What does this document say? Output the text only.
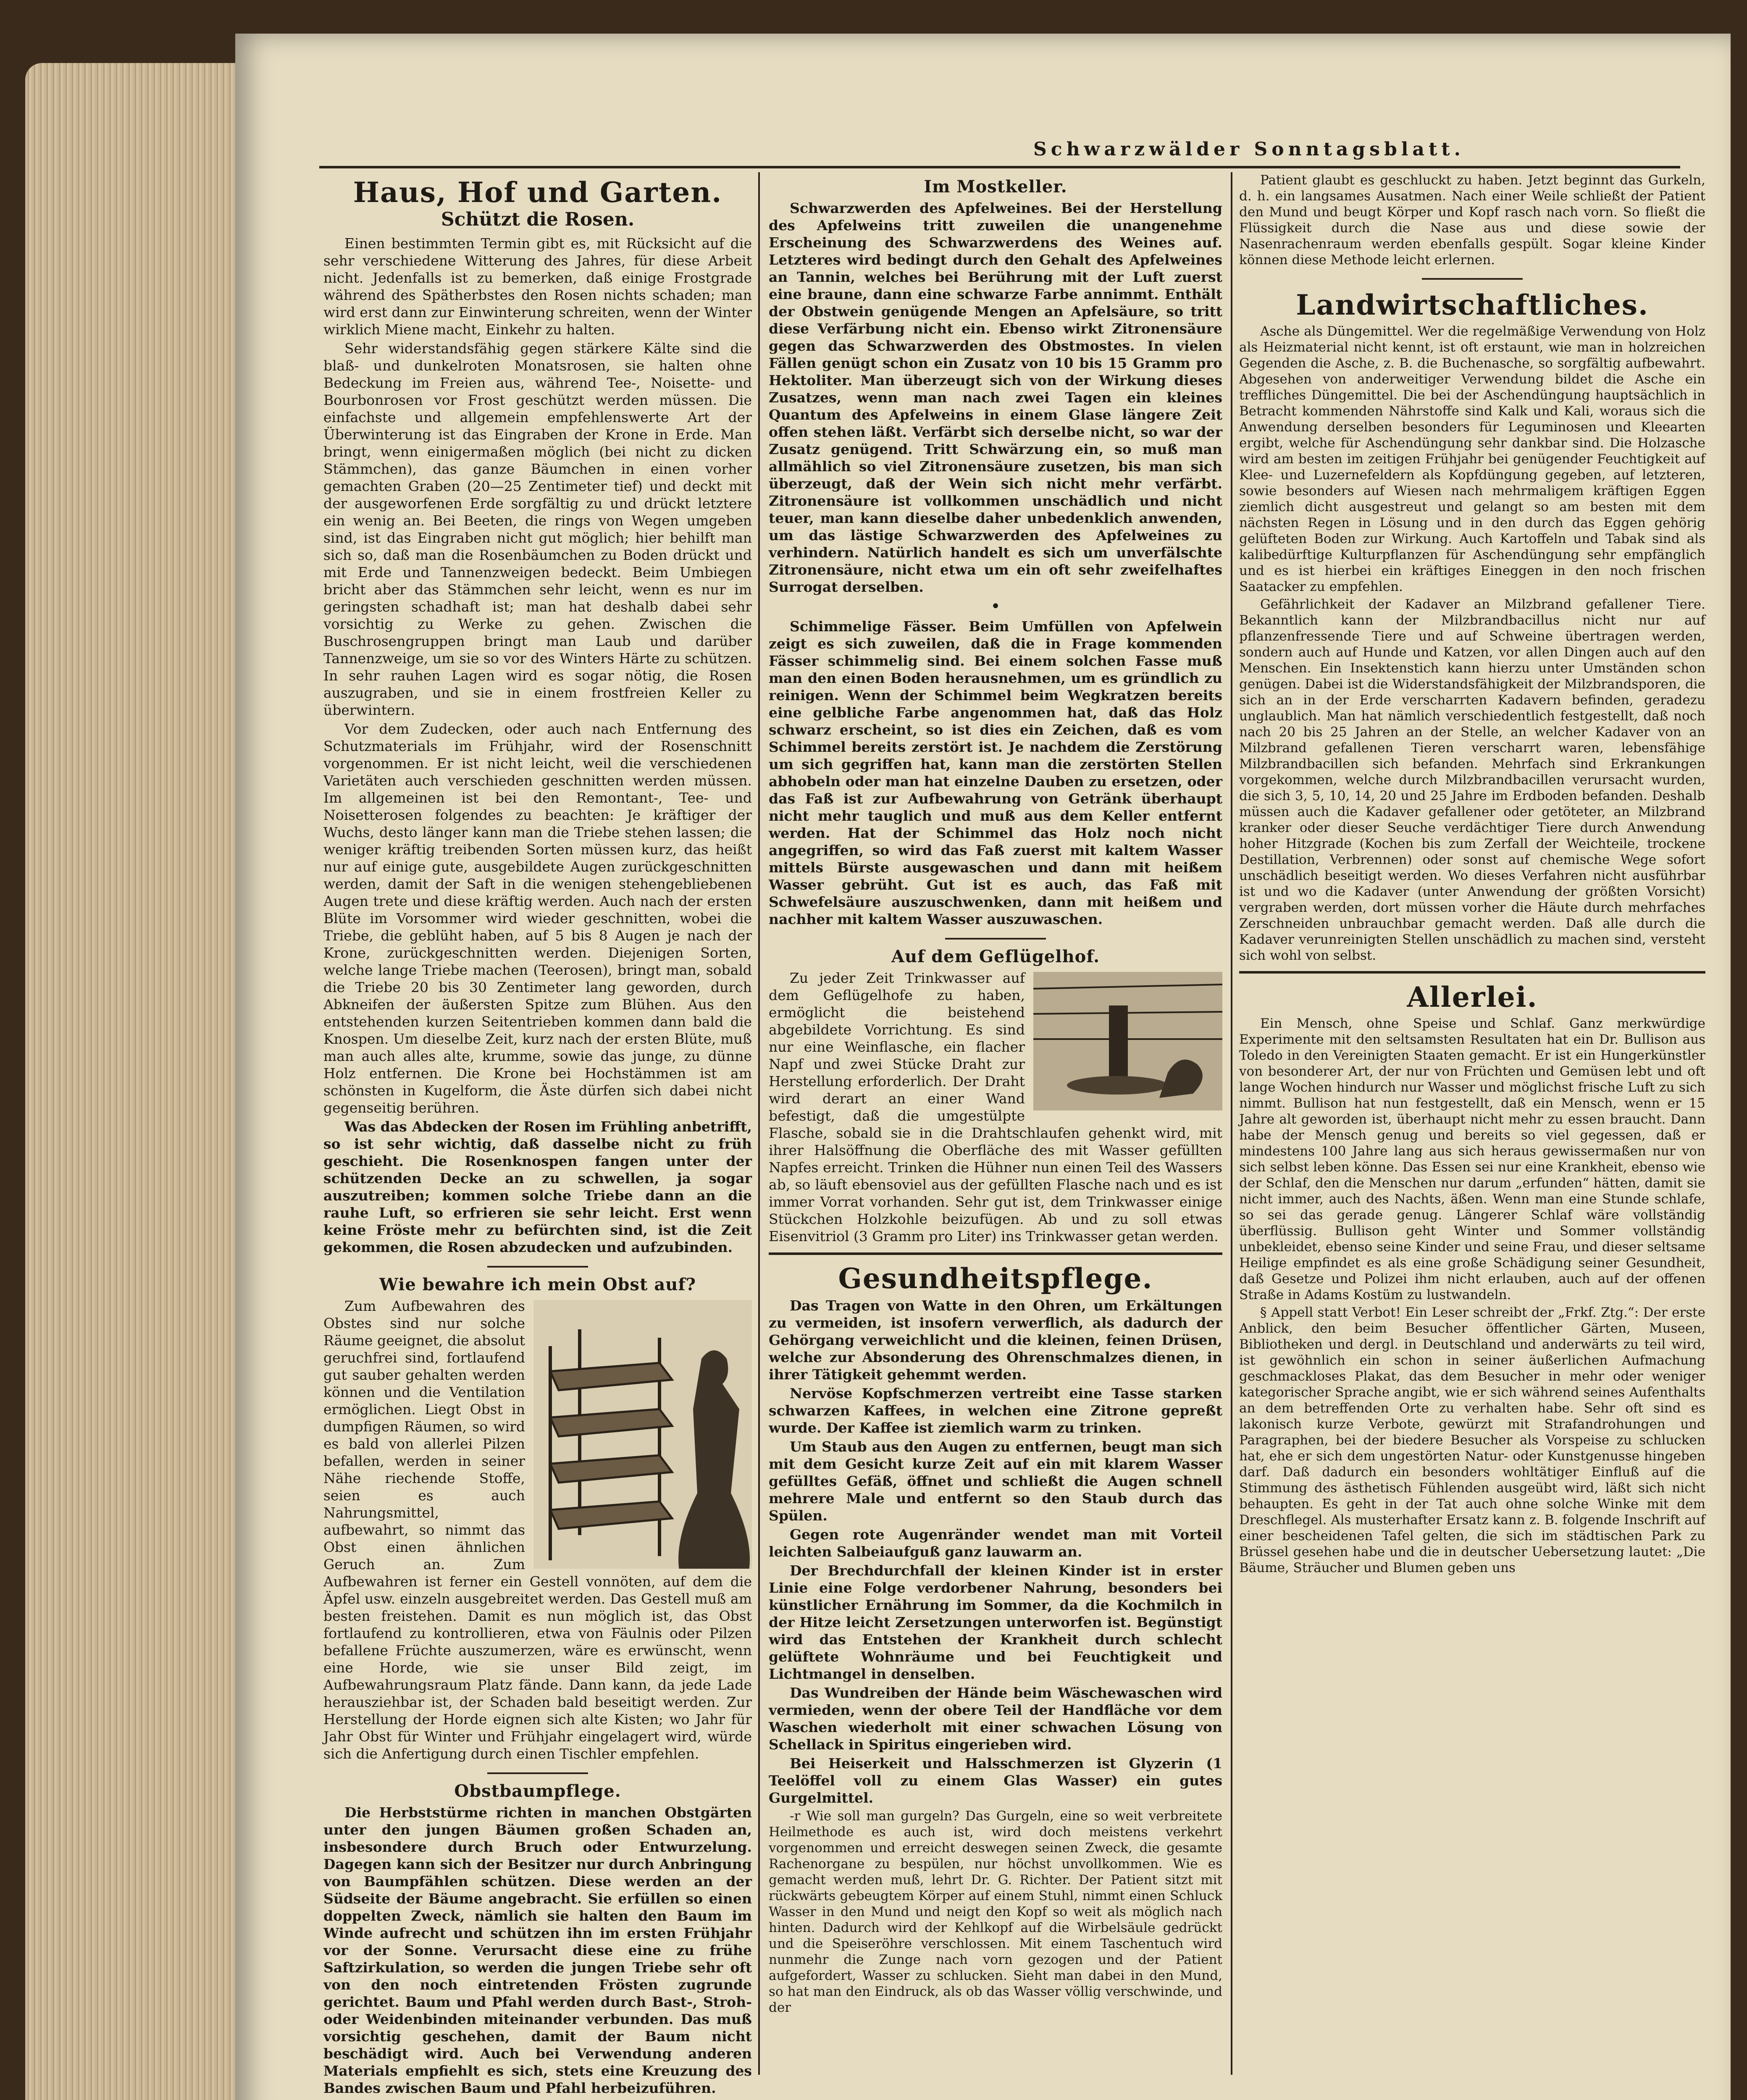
Schwarzwälder Sonntagsblatt.
Haus, Hof und Garten.
Schützt die Rosen.

Einen bestimmten Termin gibt es, mit Rücksicht auf die sehr verschiedene Witterung des Jahres, für diese Arbeit nicht. Jedenfalls ist zu bemerken, daß einige Frostgrade während des Spätherbstes den Rosen nichts schaden; man wird erst dann zur Einwinterung schreiten, wenn der Winter wirklich Miene macht, Einkehr zu halten.

Sehr widerstandsfähig gegen stärkere Kälte sind die blaß- und dunkelroten Monatsrosen, sie halten ohne Bedeckung im Freien aus, während Tee-, Noisette- und Bourbonrosen vor Frost geschützt werden müssen. Die einfachste und allgemein empfehlenswerte Art der Überwinterung ist das Eingraben der Krone in Erde. Man bringt, wenn einigermaßen möglich (bei nicht zu dicken Stämmchen), das ganze Bäumchen in einen vorher gemachten Graben (20—25 Zentimeter tief) und deckt mit der ausgeworfenen Erde sorgfältig zu und drückt letztere ein wenig an. Bei Beeten, die rings von Wegen umgeben sind, ist das Eingraben nicht gut möglich; hier behilft man sich so, daß man die Rosenbäumchen zu Boden drückt und mit Erde und Tannenzweigen bedeckt. Beim Umbiegen bricht aber das Stämmchen sehr leicht, wenn es nur im geringsten schadhaft ist; man hat deshalb dabei sehr vorsichtig zu Werke zu gehen. Zwischen die Buschrosengruppen bringt man Laub und darüber Tannenzweige, um sie so vor des Winters Härte zu schützen. In sehr rauhen Lagen wird es sogar nötig, die Rosen auszugraben, und sie in einem frostfreien Keller zu überwintern.

Vor dem Zudecken, oder auch nach Entfernung des Schutzmaterials im Frühjahr, wird der Rosenschnitt vorgenommen. Er ist nicht leicht, weil die verschiedenen Varietäten auch verschieden geschnitten werden müssen. Im allgemeinen ist bei den Remontant-, Tee- und Noisetterosen folgendes zu beachten: Je kräftiger der Wuchs, desto länger kann man die Triebe stehen lassen; die weniger kräftig treibenden Sorten müssen kurz, das heißt nur auf einige gute, ausgebildete Augen zurückgeschnitten werden, damit der Saft in die wenigen stehengebliebenen Augen trete und diese kräftig werden. Auch nach der ersten Blüte im Vorsommer wird wieder geschnitten, wobei die Triebe, die geblüht haben, auf 5 bis 8 Augen je nach der Krone, zurückgeschnitten werden. Diejenigen Sorten, welche lange Triebe machen (Teerosen), bringt man, sobald die Triebe 20 bis 30 Zentimeter lang geworden, durch Abkneifen der äußersten Spitze zum Blühen. Aus den entstehenden kurzen Seitentrieben kommen dann bald die Knospen. Um dieselbe Zeit, kurz nach der ersten Blüte, muß man auch alles alte, krumme, sowie das junge, zu dünne Holz entfernen. Die Krone bei Hochstämmen ist am schönsten in Kugelform, die Äste dürfen sich dabei nicht gegenseitig berühren.

Was das Abdecken der Rosen im Frühling anbetrifft, so ist sehr wichtig, daß dasselbe nicht zu früh geschieht. Die Rosenknospen fangen unter der schützenden Decke an zu schwellen, ja sogar auszutreiben; kommen solche Triebe dann an die rauhe Luft, so erfrieren sie sehr leicht. Erst wenn keine Fröste mehr zu befürchten sind, ist die Zeit gekommen, die Rosen abzudecken und aufzubinden.

Wie bewahre ich mein Obst auf?

Zum Aufbewahren des Obstes sind nur solche Räume geeignet, die absolut geruchfrei sind, fortlaufend gut sauber gehalten werden können und die Ventilation ermöglichen. Liegt Obst in dumpfigen Räumen, so wird es bald von allerlei Pilzen befallen, werden in seiner Nähe riechende Stoffe, seien es auch Nahrungsmittel, aufbewahrt, so nimmt das Obst einen ähnlichen Geruch an. Zum Aufbewahren ist ferner ein Gestell vonnöten, auf dem die Äpfel usw. einzeln ausgebreitet werden. Das Gestell muß am besten freistehen. Damit es nun möglich ist, das Obst fortlaufend zu kontrollieren, etwa von Fäulnis oder Pilzen befallene Früchte auszumerzen, wäre es erwünscht, wenn eine Horde, wie sie unser Bild zeigt, im Aufbewahrungsraum Platz fände. Dann kann, da jede Lade herausziehbar ist, der Schaden bald beseitigt werden. Zur Herstellung der Horde eignen sich alte Kisten; wo Jahr für Jahr Obst für Winter und Frühjahr eingelagert wird, würde sich die Anfertigung durch einen Tischler empfehlen.

Obstbaumpflege.

Die Herbststürme richten in manchen Obstgärten unter den jungen Bäumen großen Schaden an, insbesondere durch Bruch oder Entwurzelung. Dagegen kann sich der Besitzer nur durch Anbringung von Baumpfählen schützen. Diese werden an der Südseite der Bäume angebracht. Sie erfüllen so einen doppelten Zweck, nämlich sie halten den Baum im Winde aufrecht und schützen ihn im ersten Frühjahr vor der Sonne. Verursacht diese eine zu frühe Saftzirkulation, so werden die jungen Triebe sehr oft von den noch eintretenden Frösten zugrunde gerichtet. Baum und Pfahl werden durch Bast-, Stroh- oder Weidenbinden miteinander verbunden. Das muß vorsichtig geschehen, damit der Baum nicht beschädigt wird. Auch bei Verwendung anderen Materials empfiehlt es sich, stets eine Kreuzung des Bandes zwischen Baum und Pfahl herbeizuführen.

Im Mostkeller.

Schwarzwerden des Apfelweines. Bei der Herstellung des Apfelweins tritt zuweilen die unangenehme Erscheinung des Schwarzwerdens des Weines auf. Letzteres wird bedingt durch den Gehalt des Apfelweines an Tannin, welches bei Berührung mit der Luft zuerst eine braune, dann eine schwarze Farbe annimmt. Enthält der Obstwein genügende Mengen an Apfelsäure, so tritt diese Verfärbung nicht ein. Ebenso wirkt Zitronensäure gegen das Schwarzwerden des Obstmostes. In vielen Fällen genügt schon ein Zusatz von 10 bis 15 Gramm pro Hektoliter. Man überzeugt sich von der Wirkung dieses Zusatzes, wenn man nach zwei Tagen ein kleines Quantum des Apfelweins in einem Glase längere Zeit offen stehen läßt. Verfärbt sich derselbe nicht, so war der Zusatz genügend. Tritt Schwärzung ein, so muß man allmählich so viel Zitronensäure zusetzen, bis man sich überzeugt, daß der Wein sich nicht mehr verfärbt. Zitronensäure ist vollkommen unschädlich und nicht teuer, man kann dieselbe daher unbedenklich anwenden, um das lästige Schwarzwerden des Apfelweines zu verhindern. Natürlich handelt es sich um unverfälschte Zitronensäure, nicht etwa um ein oft sehr zweifelhaftes Surrogat derselben.

•

Schimmelige Fässer. Beim Umfüllen von Apfelwein zeigt es sich zuweilen, daß die in Frage kommenden Fässer schimmelig sind. Bei einem solchen Fasse muß man den einen Boden herausnehmen, um es gründlich zu reinigen. Wenn der Schimmel beim Wegkratzen bereits eine gelbliche Farbe angenommen hat, daß das Holz schwarz erscheint, so ist dies ein Zeichen, daß es vom Schimmel bereits zerstört ist. Je nachdem die Zerstörung um sich gegriffen hat, kann man die zerstörten Stellen abhobeln oder man hat einzelne Dauben zu ersetzen, oder das Faß ist zur Aufbewahrung von Getränk überhaupt nicht mehr tauglich und muß aus dem Keller entfernt werden. Hat der Schimmel das Holz noch nicht angegriffen, so wird das Faß zuerst mit kaltem Wasser mittels Bürste ausgewaschen und dann mit heißem Wasser gebrüht. Gut ist es auch, das Faß mit Schwefelsäure auszuschwenken, dann mit heißem und nachher mit kaltem Wasser auszuwaschen.

Auf dem Geflügelhof.

Zu jeder Zeit Trinkwasser auf dem Geflügelhofe zu haben, ermöglicht die beistehend abgebildete Vorrichtung. Es sind nur eine Weinflasche, ein flacher Napf und zwei Stücke Draht zur Herstellung erforderlich. Der Draht wird derart an einer Wand befestigt, daß die umgestülpte Flasche, sobald sie in die Drahtschlaufen gehenkt wird, mit ihrer Halsöffnung die Oberfläche des mit Wasser gefüllten Napfes erreicht. Trinken die Hühner nun einen Teil des Wassers ab, so läuft ebensoviel aus der gefüllten Flasche nach und es ist immer Vorrat vorhanden. Sehr gut ist, dem Trinkwasser einige Stückchen Holzkohle beizufügen. Ab und zu soll etwas Eisenvitriol (3 Gramm pro Liter) ins Trinkwasser getan werden.

Gesundheitspflege.

Das Tragen von Watte in den Ohren, um Erkältungen zu vermeiden, ist insofern verwerflich, als dadurch der Gehörgang verweichlicht und die kleinen, feinen Drüsen, welche zur Absonderung des Ohrenschmalzes dienen, in ihrer Tätigkeit gehemmt werden.

Nervöse Kopfschmerzen vertreibt eine Tasse starken schwarzen Kaffees, in welchen eine Zitrone gepreßt wurde. Der Kaffee ist ziemlich warm zu trinken.

Um Staub aus den Augen zu entfernen, beugt man sich mit dem Gesicht kurze Zeit auf ein mit klarem Wasser gefülltes Gefäß, öffnet und schließt die Augen schnell mehrere Male und entfernt so den Staub durch das Spülen.

Gegen rote Augenränder wendet man mit Vorteil leichten Salbeiaufguß ganz lauwarm an.

Der Brechdurchfall der kleinen Kinder ist in erster Linie eine Folge verdorbener Nahrung, besonders bei künstlicher Ernährung im Sommer, da die Kochmilch in der Hitze leicht Zersetzungen unterworfen ist. Begünstigt wird das Entstehen der Krankheit durch schlecht gelüftete Wohnräume und bei Feuchtigkeit und Lichtmangel in denselben.

Das Wundreiben der Hände beim Wäschewaschen wird vermieden, wenn der obere Teil der Handfläche vor dem Waschen wiederholt mit einer schwachen Lösung von Schellack in Spiritus eingerieben wird.

Bei Heiserkeit und Halsschmerzen ist Glyzerin (1 Teelöffel voll zu einem Glas Wasser) ein gutes Gurgelmittel.

-r Wie soll man gurgeln? Das Gurgeln, eine so weit verbreitete Heilmethode es auch ist, wird doch meistens verkehrt vorgenommen und erreicht deswegen seinen Zweck, die gesamte Rachenorgane zu bespülen, nur höchst unvollkommen. Wie es gemacht werden muß, lehrt Dr. G. Richter. Der Patient sitzt mit rückwärts gebeugtem Körper auf einem Stuhl, nimmt einen Schluck Wasser in den Mund und neigt den Kopf so weit als möglich nach hinten. Dadurch wird der Kehlkopf auf die Wirbelsäule gedrückt und die Speiseröhre verschlossen. Mit einem Taschentuch wird nunmehr die Zunge nach vorn gezogen und der Patient aufgefordert, Wasser zu schlucken. Sieht man dabei in den Mund, so hat man den Eindruck, als ob das Wasser völlig verschwinde, und der

Patient glaubt es geschluckt zu haben. Jetzt beginnt das Gurkeln, d. h. ein langsames Ausatmen. Nach einer Weile schließt der Patient den Mund und beugt Körper und Kopf rasch nach vorn. So fließt die Flüssigkeit durch die Nase aus und diese sowie der Nasenrachenraum werden ebenfalls gespült. Sogar kleine Kinder können diese Methode leicht erlernen.

Landwirtschaftliches.

Asche als Düngemittel. Wer die regelmäßige Verwendung von Holz als Heizmaterial nicht kennt, ist oft erstaunt, wie man in holzreichen Gegenden die Asche, z. B. die Buchenasche, so sorgfältig aufbewahrt. Abgesehen von anderweitiger Verwendung bildet die Asche ein treffliches Düngemittel. Die bei der Aschendüngung hauptsächlich in Betracht kommenden Nährstoffe sind Kalk und Kali, woraus sich die Anwendung derselben besonders für Leguminosen und Kleearten ergibt, welche für Aschendüngung sehr dankbar sind. Die Holzasche wird am besten im zeitigen Frühjahr bei genügender Feuchtigkeit auf Klee- und Luzernefeldern als Kopfdüngung gegeben, auf letzteren, sowie besonders auf Wiesen nach mehrmaligem kräftigen Eggen ziemlich dicht ausgestreut und gelangt so am besten mit dem nächsten Regen in Lösung und in den durch das Eggen gehörig gelüfteten Boden zur Wirkung. Auch Kartoffeln und Tabak sind als kalibedürftige Kulturpflanzen für Aschendüngung sehr empfänglich und es ist hierbei ein kräftiges Eineggen in den noch frischen Saatacker zu empfehlen.

Gefährlichkeit der Kadaver an Milzbrand gefallener Tiere. Bekanntlich kann der Milzbrandbacillus nicht nur auf pflanzenfressende Tiere und auf Schweine übertragen werden, sondern auch auf Hunde und Katzen, vor allen Dingen auch auf den Menschen. Ein Insektenstich kann hierzu unter Umständen schon genügen. Dabei ist die Widerstandsfähigkeit der Milzbrandsporen, die sich an in der Erde verscharrten Kadavern befinden, geradezu unglaublich. Man hat nämlich verschiedentlich festgestellt, daß noch nach 20 bis 25 Jahren an der Stelle, an welcher Kadaver von an Milzbrand gefallenen Tieren verscharrt waren, lebensfähige Milzbrandbacillen sich befanden. Mehrfach sind Erkrankungen vorgekommen, welche durch Milzbrandbacillen verursacht wurden, die sich 3, 5, 10, 14, 20 und 25 Jahre im Erdboden befanden. Deshalb müssen auch die Kadaver gefallener oder getöteter, an Milzbrand kranker oder dieser Seuche verdächtiger Tiere durch Anwendung hoher Hitzgrade (Kochen bis zum Zerfall der Weichteile, trockene Destillation, Verbrennen) oder sonst auf chemische Wege sofort unschädlich beseitigt werden. Wo dieses Verfahren nicht ausführbar ist und wo die Kadaver (unter Anwendung der größten Vorsicht) vergraben werden, dort müssen vorher die Häute durch mehrfaches Zerschneiden unbrauchbar gemacht werden. Daß alle durch die Kadaver verunreinigten Stellen unschädlich zu machen sind, versteht sich wohl von selbst.

Allerlei.

Ein Mensch, ohne Speise und Schlaf. Ganz merkwürdige Experimente mit den seltsamsten Resultaten hat ein Dr. Bullison aus Toledo in den Vereinigten Staaten gemacht. Er ist ein Hungerkünstler von besonderer Art, der nur von Früchten und Gemüsen lebt und oft lange Wochen hindurch nur Wasser und möglichst frische Luft zu sich nimmt. Bullison hat nun festgestellt, daß ein Mensch, wenn er 15 Jahre alt geworden ist, überhaupt nicht mehr zu essen braucht. Dann habe der Mensch genug und bereits so viel gegessen, daß er mindestens 100 Jahre lang aus sich heraus gewissermaßen nur von sich selbst leben könne. Das Essen sei nur eine Krankheit, ebenso wie der Schlaf, den die Menschen nur darum „erfunden“ hätten, damit sie nicht immer, auch des Nachts, äßen. Wenn man eine Stunde schlafe, so sei das gerade genug. Längerer Schlaf wäre vollständig überflüssig. Bullison geht Winter und Sommer vollständig unbekleidet, ebenso seine Kinder und seine Frau, und dieser seltsame Heilige empfindet es als eine große Schädigung seiner Gesundheit, daß Gesetze und Polizei ihm nicht erlauben, auch auf der offenen Straße in Adams Kostüm zu lustwandeln.

§ Appell statt Verbot! Ein Leser schreibt der „Frkf. Ztg.“: Der erste Anblick, den beim Besucher öffentlicher Gärten, Museen, Bibliotheken und dergl. in Deutschland und anderwärts zu teil wird, ist gewöhnlich ein schon in seiner äußerlichen Aufmachung geschmackloses Plakat, das dem Besucher in mehr oder weniger kategorischer Sprache angibt, wie er sich während seines Aufenthalts an dem betreffenden Orte zu verhalten habe. Sehr oft sind es lakonisch kurze Verbote, gewürzt mit Strafandrohungen und Paragraphen, bei der biedere Besucher als Vorspeise zu schlucken hat, ehe er sich dem ungestörten Natur- oder Kunstgenusse hingeben darf. Daß dadurch ein besonders wohltätiger Einfluß auf die Stimmung des ästhetisch Fühlenden ausgeübt wird, läßt sich nicht behaupten. Es geht in der Tat auch ohne solche Winke mit dem Dreschflegel. Als musterhafter Ersatz kann z. B. folgende Inschrift auf einer bescheidenen Tafel gelten, die sich im städtischen Park zu Brüssel gesehen habe und die in deutscher Uebersetzung lautet: „Die Bäume, Sträucher und Blumen geben uns
